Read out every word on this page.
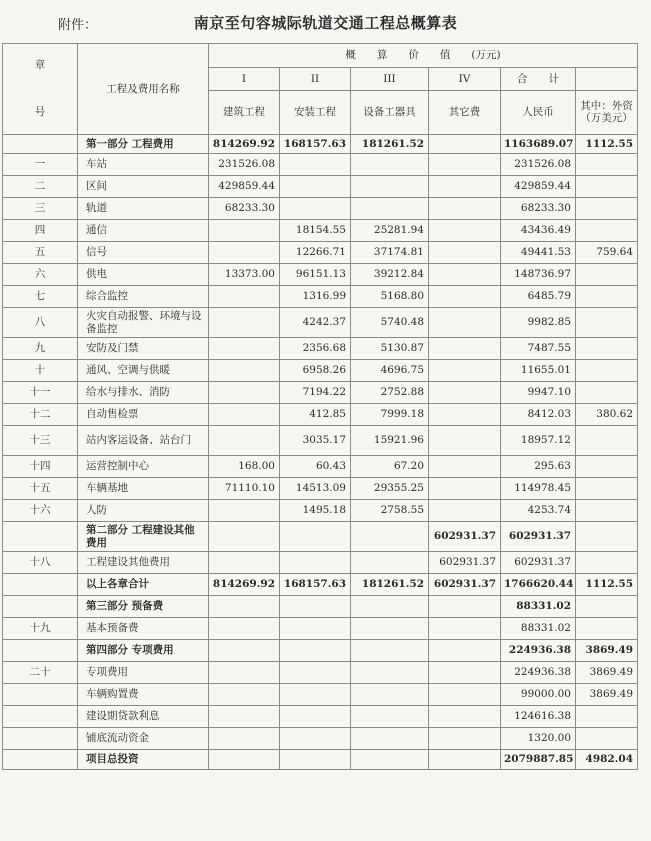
附件：	南京至句容城际轨道交通工程总概算表
章
号	工程及费用名称	概　　算　　价　　值　　(万元)					
		I	II	III	IV	合　　计	
		建筑工程	安装工程	设备工器具	其它费	人民币	其中：外资（万美元）
	第一部分 工程费用	814269.92	168157.63	181261.52		1163689.07	1112.55
一	车站	231526.08				231526.08	
二	区间	429859.44				429859.44	
三	轨道	68233.30				68233.30	
四	通信		18154.55	25281.94		43436.49	
五	信号		12266.71	37174.81		49441.53	759.64
六	供电	13373.00	96151.13	39212.84		148736.97	
七	综合监控		1316.99	5168.80		6485.79	
八	火灾自动报警、环境与设备监控		4242.37	5740.48		9982.85	
九	安防及门禁		2356.68	5130.87		7487.55	
十	通风、空调与供暖		6958.26	4696.75		11655.01	
十一	给水与排水、消防		7194.22	2752.88		9947.10	
十二	自动售检票		412.85	7999.18		8412.03	380.62
十三	站内客运设备、站台门		3035.17	15921.96		18957.12	
十四	运营控制中心	168.00	60.43	67.20		295.63	
十五	车辆基地	71110.10	14513.09	29355.25		114978.45	
十六	人防		1495.18	2758.55		4253.74	
	第二部分 工程建设其他费用				602931.37	602931.37	
十八	工程建设其他费用				602931.37	602931.37	
	以上各章合计	814269.92	168157.63	181261.52	602931.37	1766620.44	1112.55
	第三部分 预备费					88331.02	
十九	基本预备费					88331.02	
	第四部分 专项费用					224936.38	3869.49
二十	专项费用					224936.38	3869.49
	车辆购置费					99000.00	3869.49
	建设期贷款利息					124616.38	
	铺底流动资金					1320.00	
	项目总投资					2079887.85	4982.04
